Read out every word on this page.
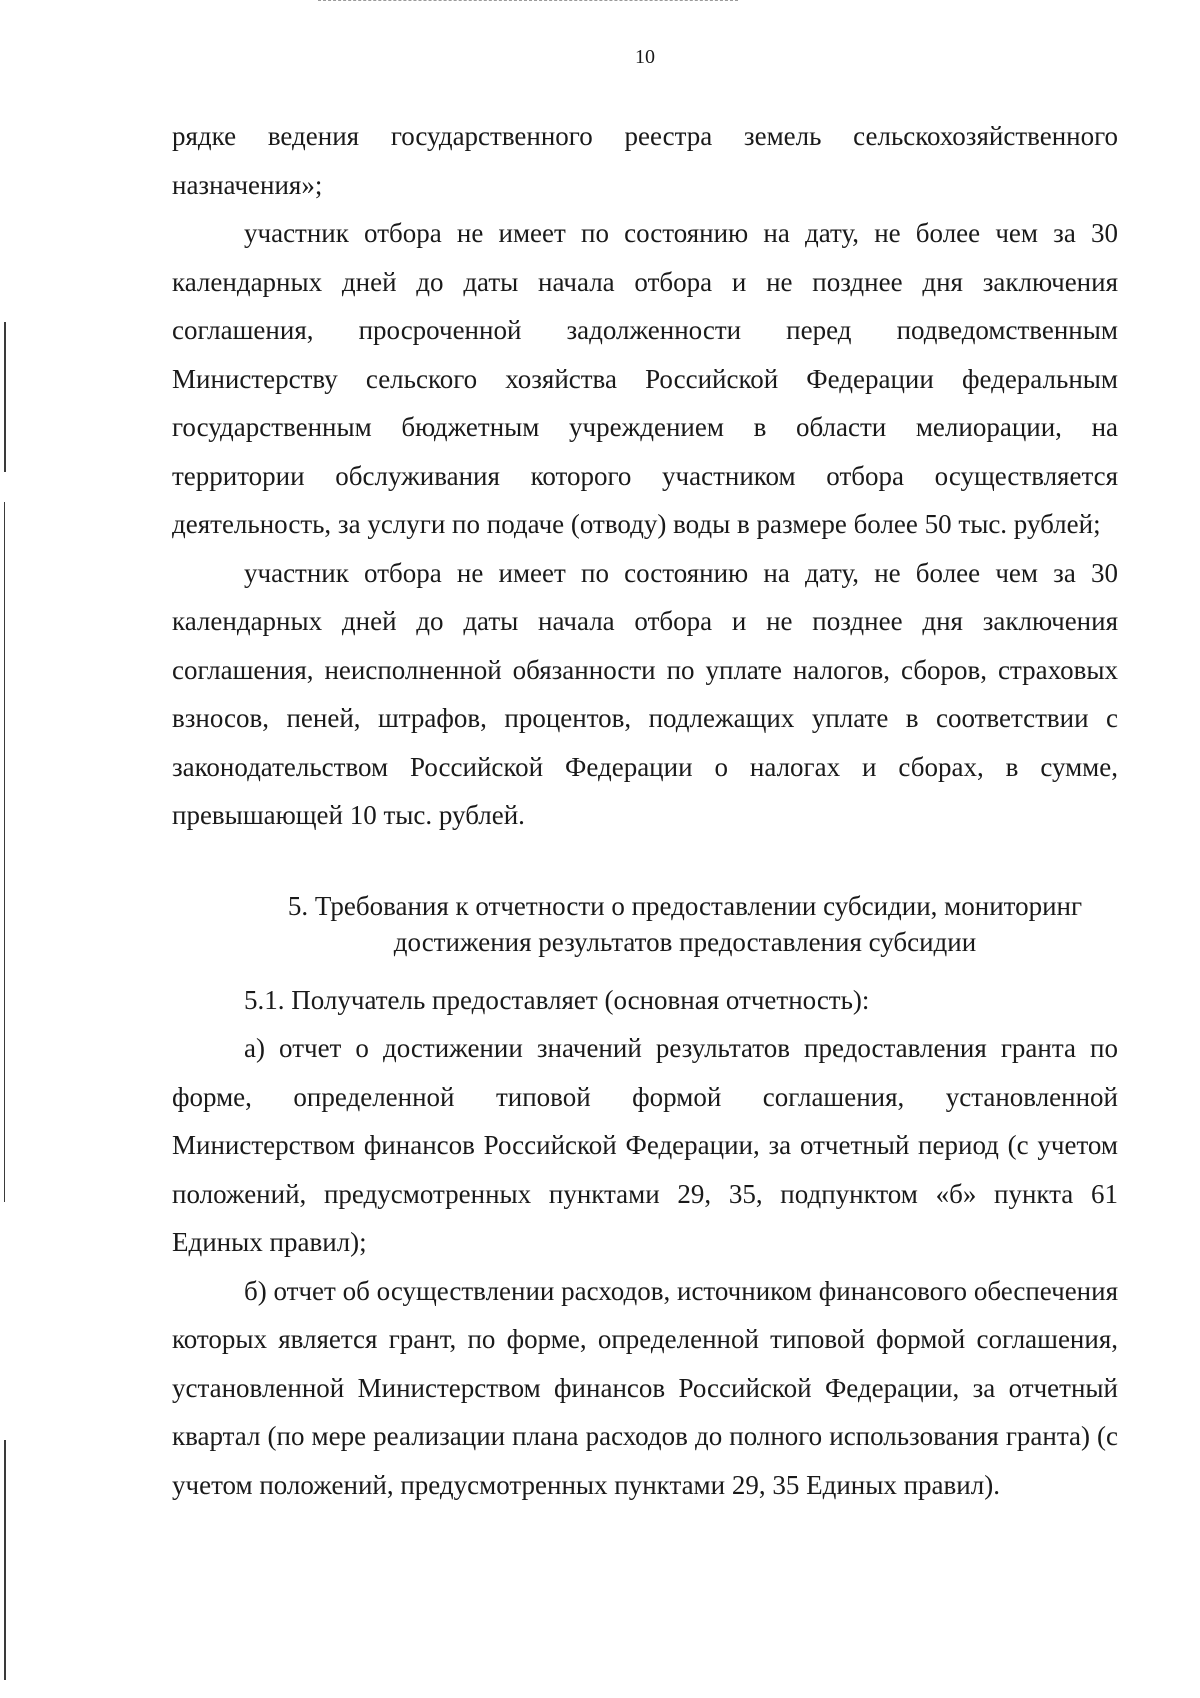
10

рядке ведения государственного реестра земель сельскохозяйственного назначения»;

участник отбора не имеет по состоянию на дату, не более чем за 30 календарных дней до даты начала отбора и не позднее дня заключения соглашения, просроченной задолженности перед подведомственным Министерству сельского хозяйства Российской Федерации федеральным государственным бюджетным учреждением в области мелиорации, на территории обслуживания которого участником отбора осуществляется деятельность, за услуги по подаче (отводу) воды в размере более 50 тыс. рублей;

участник отбора не имеет по состоянию на дату, не более чем за 30 календарных дней до даты начала отбора и не позднее дня заключения соглашения, неисполненной обязанности по уплате налогов, сборов, страховых взносов, пеней, штрафов, процентов, подлежащих уплате в соответствии с законодательством Российской Федерации о налогах и сборах, в сумме, превышающей 10 тыс. рублей.

5. Требования к отчетности о предоставлении субсидии, мониторинг
достижения результатов предоставления субсидии

5.1. Получатель предоставляет (основная отчетность):

а) отчет о достижении значений результатов предоставления гранта по форме, определенной типовой формой соглашения, установленной Министерством финансов Российской Федерации, за отчетный период (с учетом положений, предусмотренных пунктами 29, 35, подпунктом «б» пункта 61 Единых правил);

б) отчет об осуществлении расходов, источником финансового обеспечения которых является грант, по форме, определенной типовой формой соглашения, установленной Министерством финансов Российской Федерации, за отчетный квартал (по мере реализации плана расходов до полного использования гранта) (с учетом положений, предусмотренных пунктами 29, 35 Единых правил).
